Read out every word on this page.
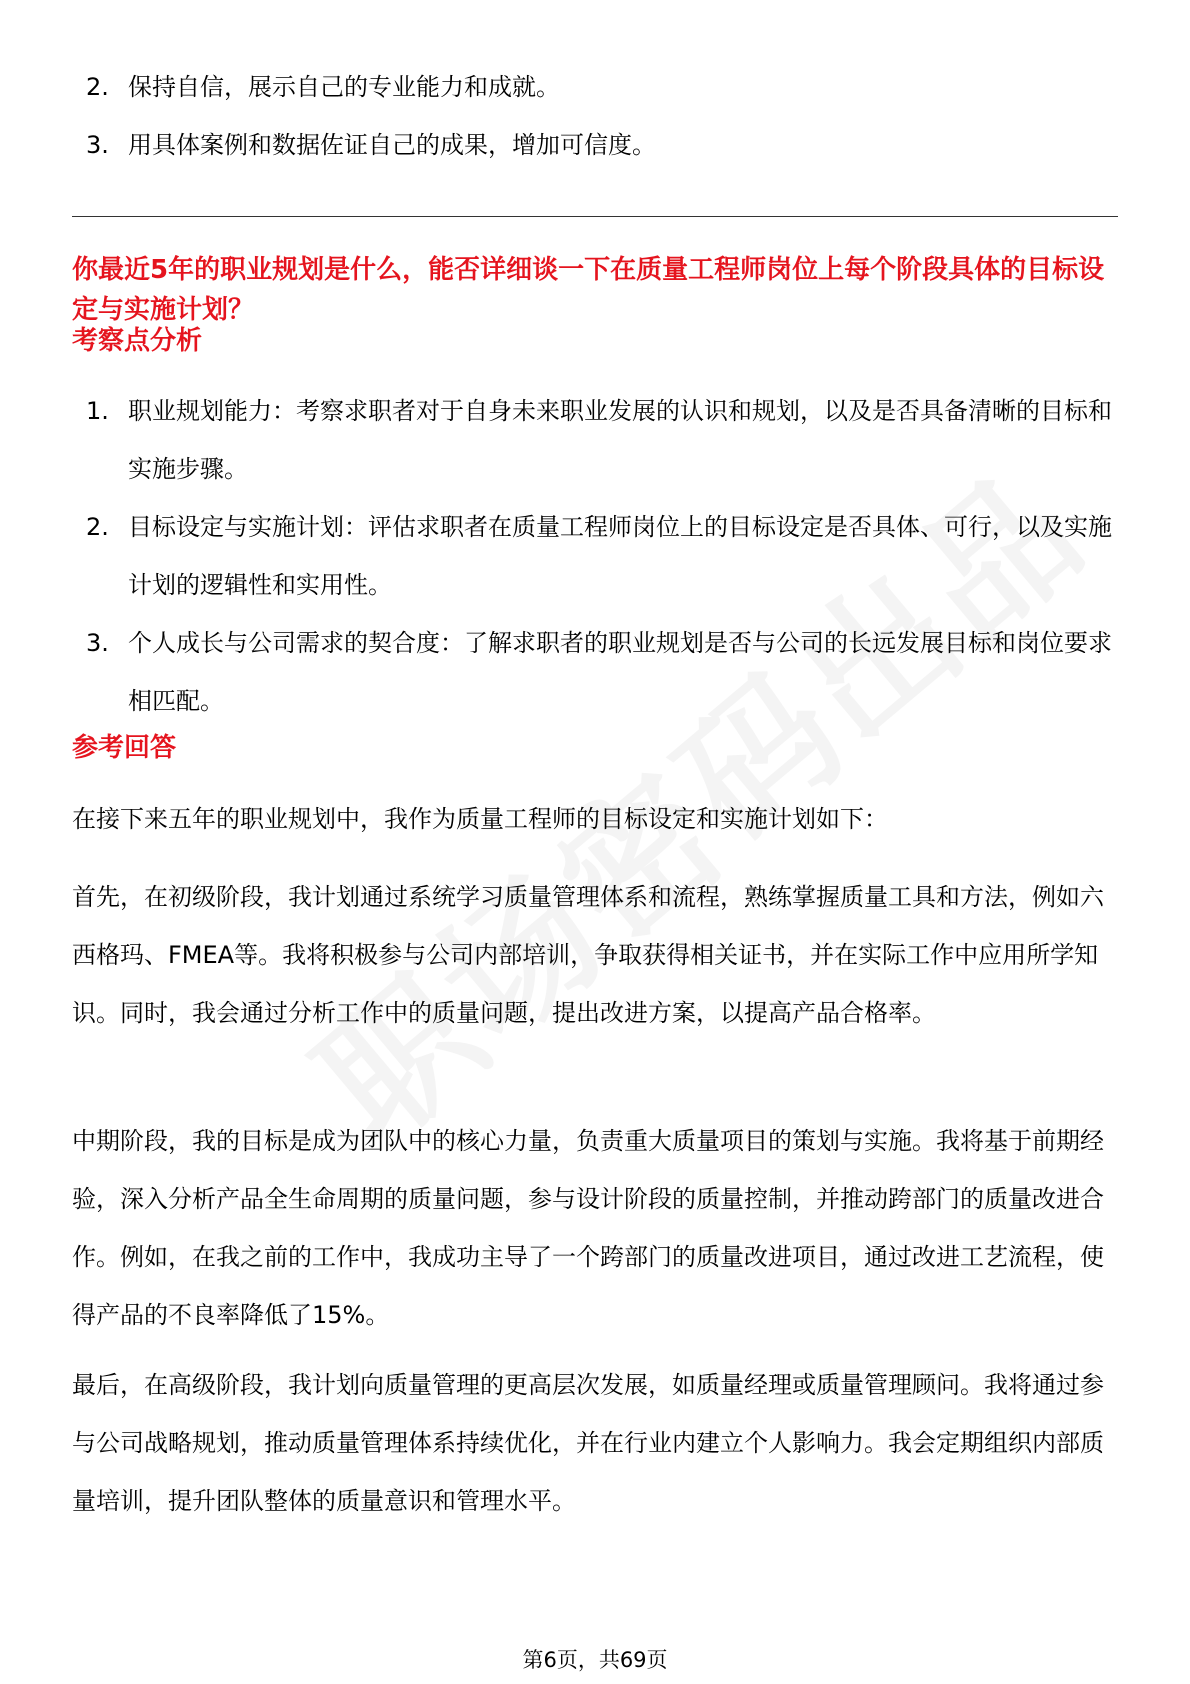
2. 保持自信，展示自己的专业能力和成就。
3. 用具体案例和数据佐证自己的成果，增加可信度。
你最近5年的职业规划是什么，能否详细谈一下在质量工程师岗位上每个阶段具体的目标设定与实施计划？
考察点分析
1. 职业规划能力：考察求职者对于自身未来职业发展的认识和规划，以及是否具备清晰的目标和实施步骤。
2. 目标设定与实施计划：评估求职者在质量工程师岗位上的目标设定是否具体、可行，以及实施计划的逻辑性和实用性。
3. 个人成长与公司需求的契合度：了解求职者的职业规划是否与公司的长远发展目标和岗位要求相匹配。
参考回答

在接下来五年的职业规划中，我作为质量工程师的目标设定和实施计划如下：

首先，在初级阶段，我计划通过系统学习质量管理体系和流程，熟练掌握质量工具和方法，例如六西格玛、FMEA等。我将积极参与公司内部培训，争取获得相关证书，并在实际工作中应用所学知识。同时，我会通过分析工作中的质量问题，提出改进方案，以提高产品合格率。

中期阶段，我的目标是成为团队中的核心力量，负责重大质量项目的策划与实施。我将基于前期经验，深入分析产品全生命周期的质量问题，参与设计阶段的质量控制，并推动跨部门的质量改进合作。例如，在我之前的工作中，我成功主导了一个跨部门的质量改进项目，通过改进工艺流程，使得产品的不良率降低了15%。

最后，在高级阶段，我计划向质量管理的更高层次发展，如质量经理或质量管理顾问。我将通过参与公司战略规划，推动质量管理体系持续优化，并在行业内建立个人影响力。我会定期组织内部质量培训，提升团队整体的质量意识和管理水平。

第6页，共69页
